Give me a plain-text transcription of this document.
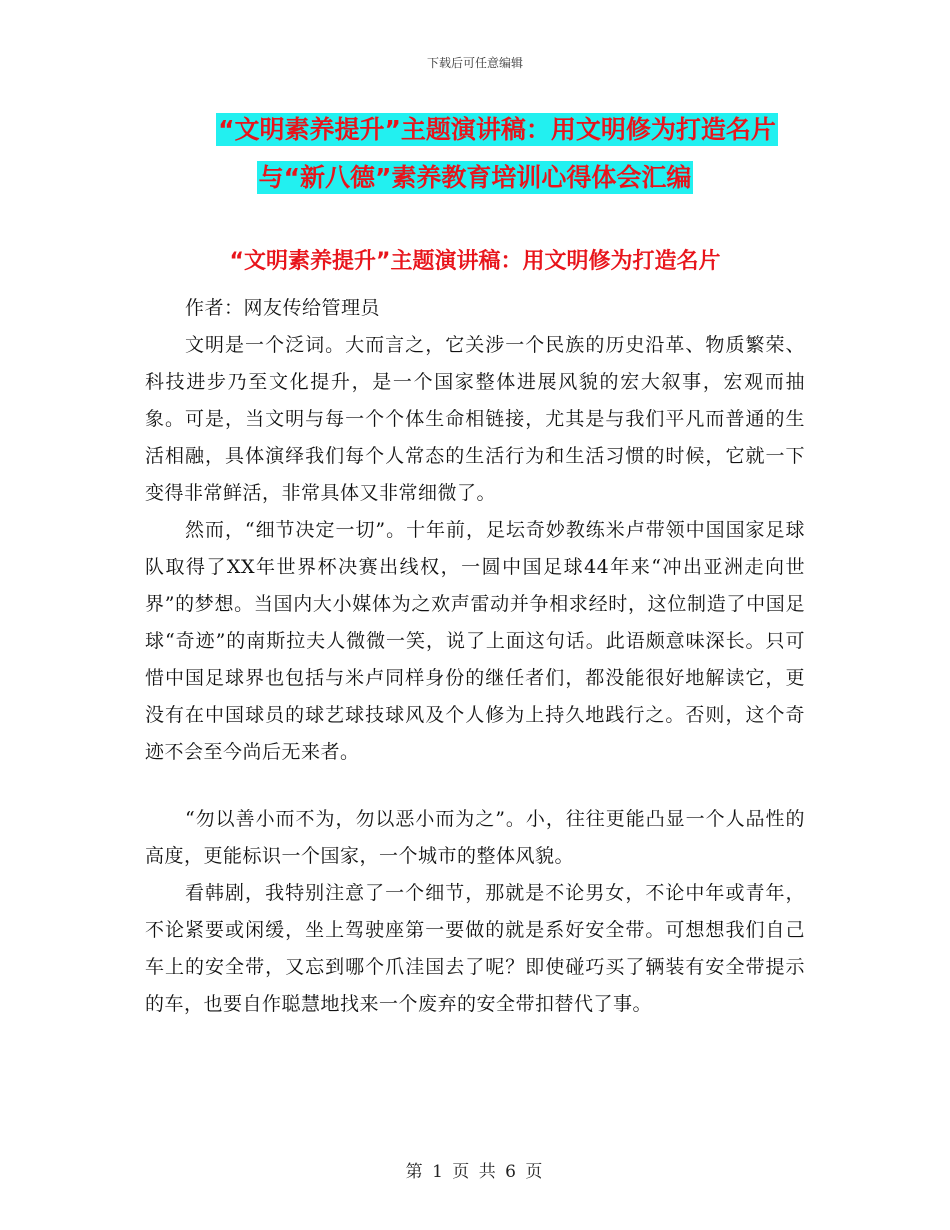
下载后可任意编辑
“文明素养提升”主题演讲稿：用文明修为打造名片
与“新八德”素养教育培训心得体会汇编
“文明素养提升”主题演讲稿：用文明修为打造名片

作者：网友传给管理员

文明是一个泛词。大而言之，它关涉一个民族的历史沿革、物质繁荣、科技进步乃至文化提升，是一个国家整体进展风貌的宏大叙事，宏观而抽象。可是，当文明与每一个个体生命相链接，尤其是与我们平凡而普通的生活相融，具体演绎我们每个人常态的生活行为和生活习惯的时候，它就一下变得非常鲜活，非常具体又非常细微了。

然而，“细节决定一切”。十年前，足坛奇妙教练米卢带领中国国家足球队取得了XX年世界杯决赛出线权，一圆中国足球44年来“冲出亚洲走向世界”的梦想。当国内大小媒体为之欢声雷动并争相求经时，这位制造了中国足球“奇迹”的南斯拉夫人微微一笑，说了上面这句话。此语颇意味深长。只可惜中国足球界也包括与米卢同样身份的继任者们，都没能很好地解读它，更没有在中国球员的球艺球技球风及个人修为上持久地践行之。否则，这个奇迹不会至今尚后无来者。

“勿以善小而不为，勿以恶小而为之”。小，往往更能凸显一个人品性的高度，更能标识一个国家，一个城市的整体风貌。

看韩剧，我特别注意了一个细节，那就是不论男女，不论中年或青年，不论紧要或闲缓，坐上驾驶座第一要做的就是系好安全带。可想想我们自己车上的安全带，又忘到哪个爪洼国去了呢？即使碰巧买了辆装有安全带提示的车，也要自作聪慧地找来一个废弃的安全带扣替代了事。

第 1 页 共 6 页
